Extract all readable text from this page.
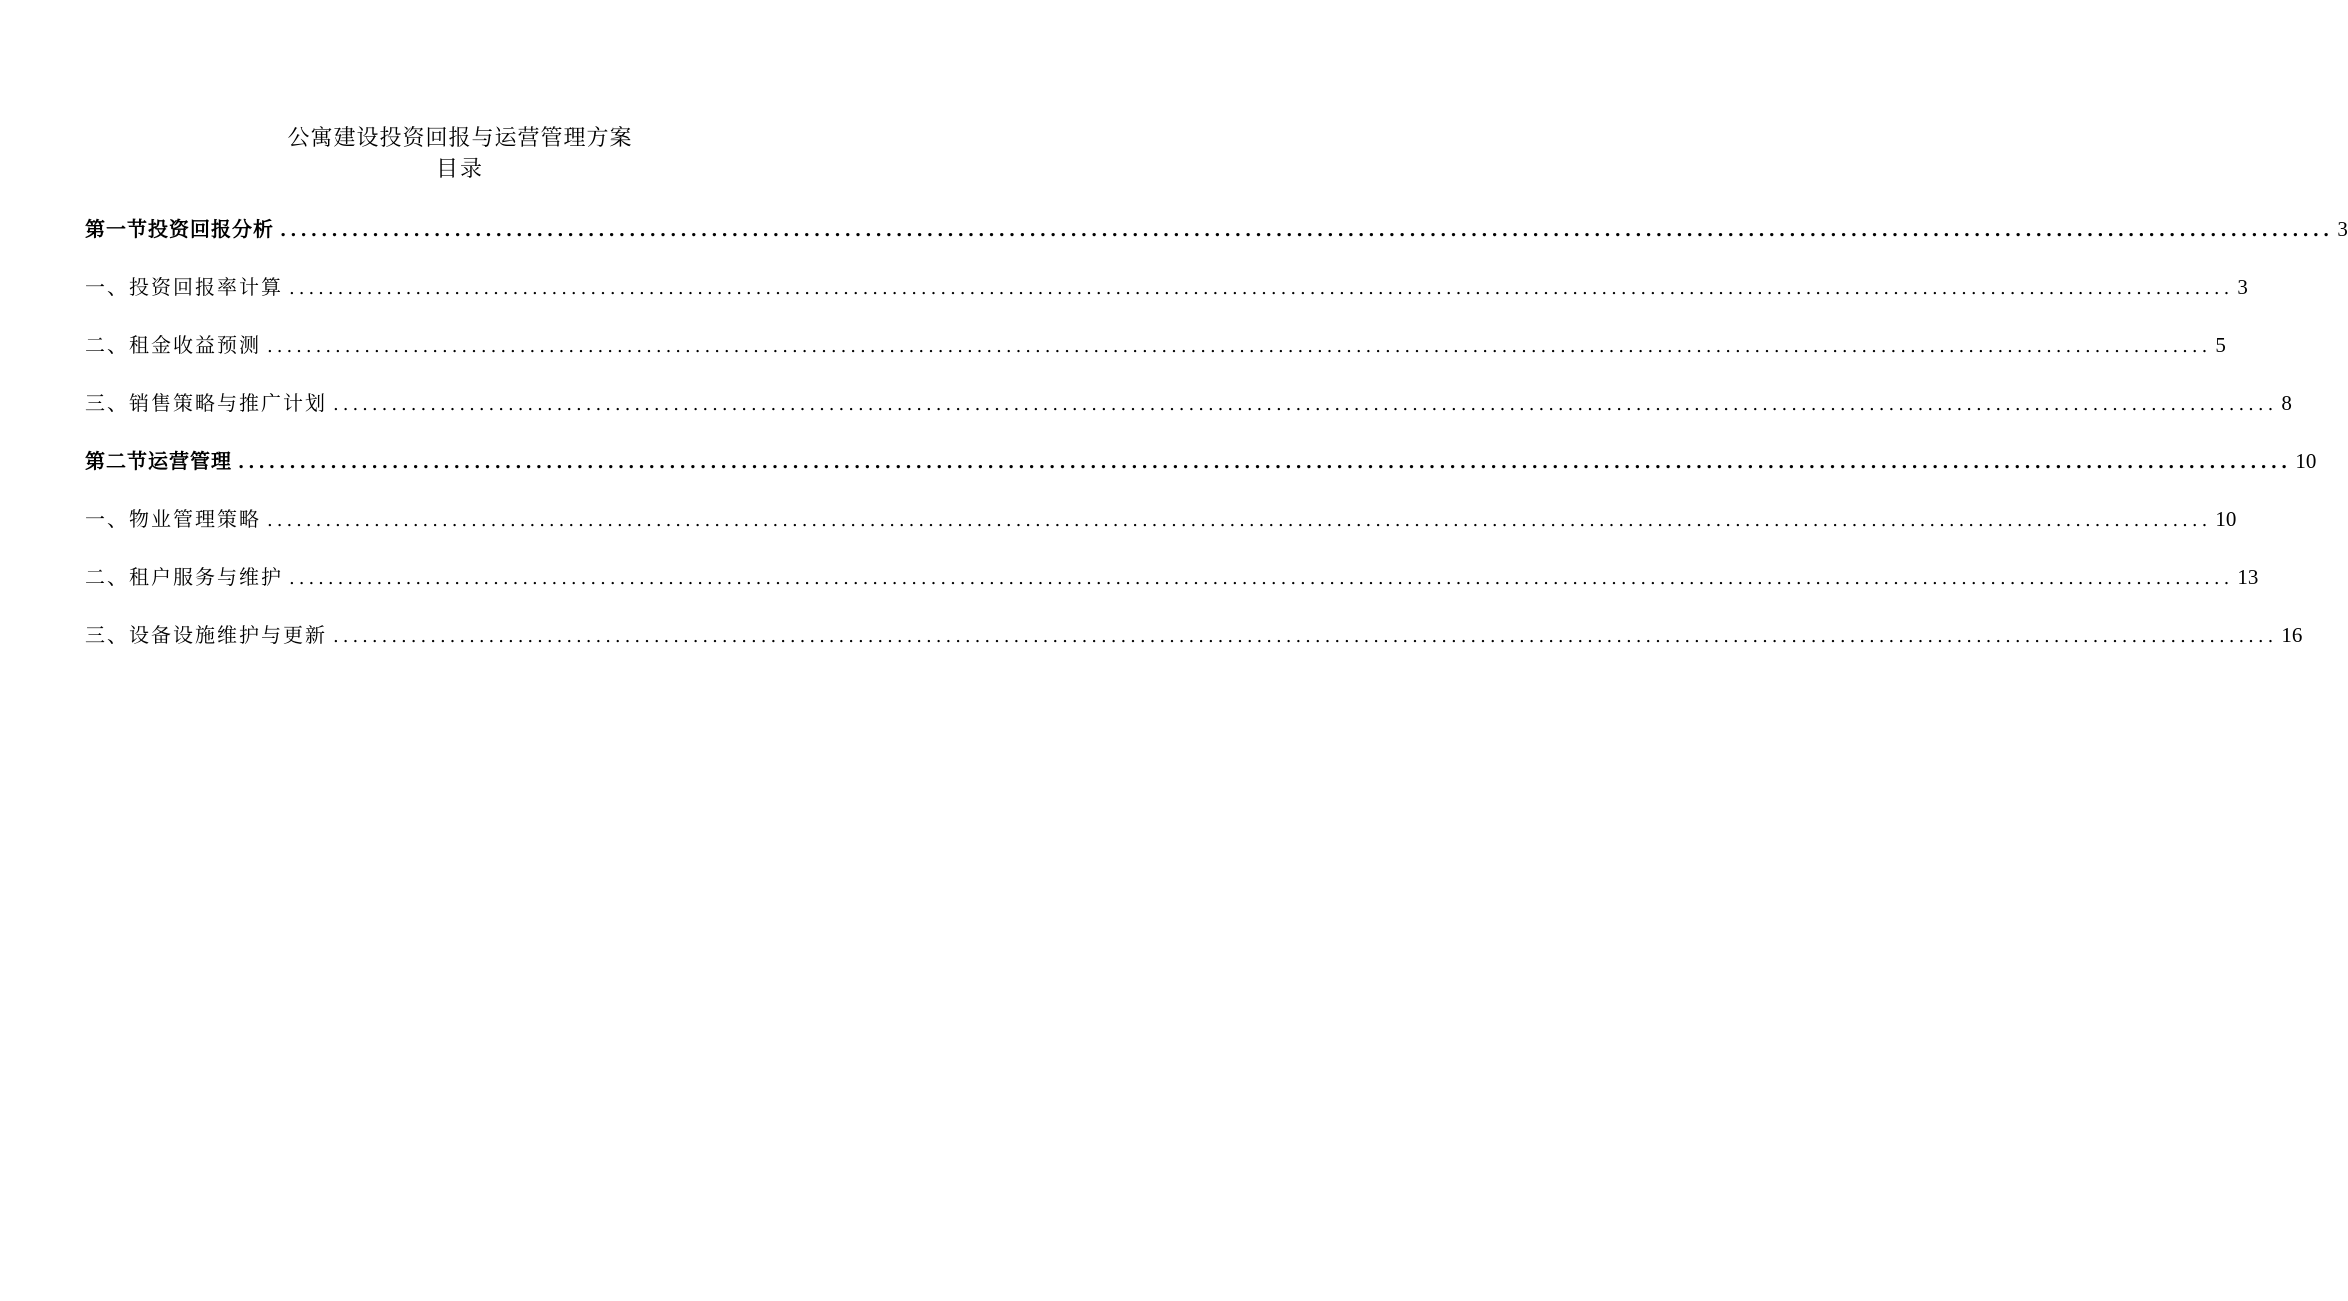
公寓建设投资回报与运营管理方案
目录
第一节投资回报分析 ........................................................................................................................................................................................................ 3
一、投资回报率计算 ........................................................................................................................................................................................................ 3
二、租金收益预测 ........................................................................................................................................................................................................ 5
三、销售策略与推广计划 ........................................................................................................................................................................................................ 8
第二节运营管理 ........................................................................................................................................................................................................ 10
一、物业管理策略 ........................................................................................................................................................................................................ 10
二、租户服务与维护 ........................................................................................................................................................................................................ 13
三、设备设施维护与更新 ........................................................................................................................................................................................................ 16
